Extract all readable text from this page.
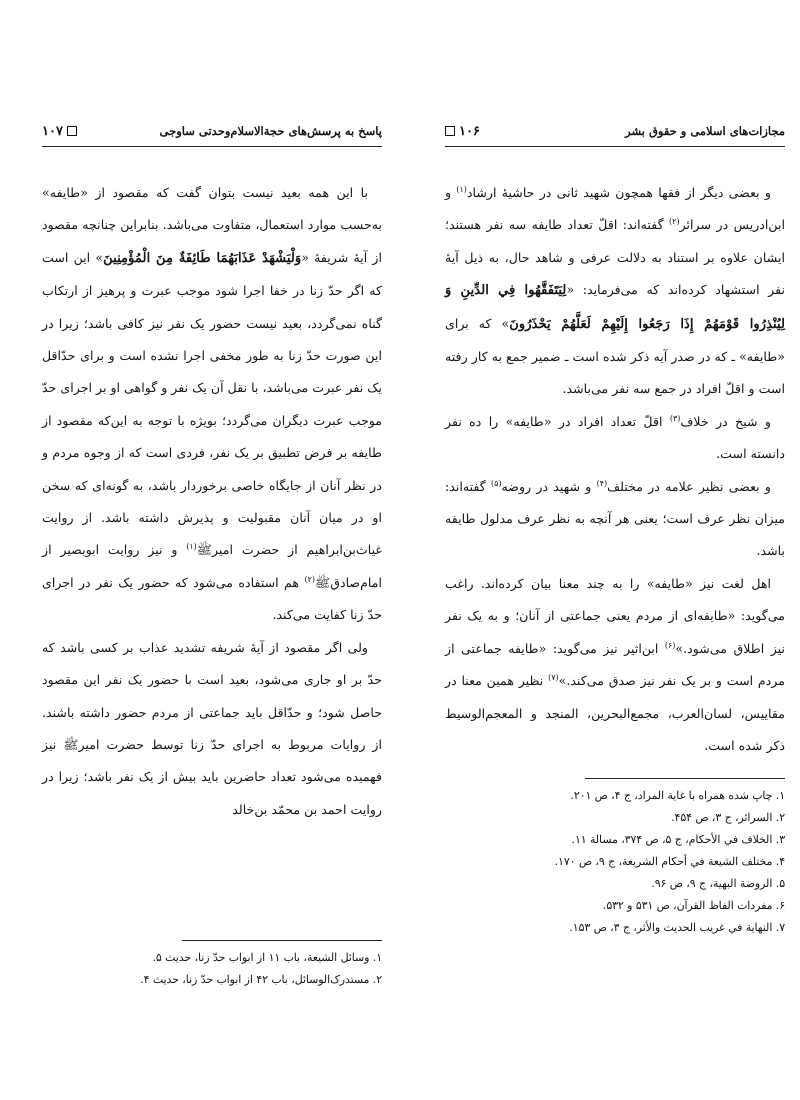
مجازات‌های اسلامی و حقوق بشر
۱۰۶

و بعضی دیگر از فقها همچون شهید ثانی در حاشیهٔ ارشاد$^{(۱)}$ و ابن‌ادریس در سرائر$^{(۲)}$ گفته‌اند: اقلّ تعداد طایفه سه نفر هستند؛ ایشان علاوه بر استناد به دلالت عرفی و شاهد حال، به ذیل آیهٔ نفر استشهاد کرده‌اند که می‌فرماید: «لِيَتَفَقَّهُوا فِي الدِّينِ وَ لِيُنْذِرُوا قَوْمَهُمْ إِذَا رَجَعُوا إِلَيْهِمْ لَعَلَّهُمْ يَحْذَرُونَ» که برای «طایفه» ـ که در صدر آیه ذکر شده است ـ ضمیر جمع به کار رفته است و اقلّ افراد در جمع سه نفر می‌باشد.

و شیخ در خلاف$^{(۳)}$ اقلّ تعداد افراد در «طایفه» را ده نفر دانسته است.

و بعضی نظیر علامه در مختلف$^{(۴)}$ و شهید در روضه$^{(۵)}$ گفته‌اند: میزان نظر عرف است؛ یعنی هر آنچه به نظر عرف مدلول طایفه باشد.

اهل لغت نیز «طایفه» را به چند معنا بیان کرده‌اند. راغب می‌گوید: «طایفه‌ای از مردم یعنی جماعتی از آنان؛ و به یک نفر نیز اطلاق می‌شود.»$^{(۶)}$ ابن‌اثیر نیز می‌گوید: «طایفه جماعتی از مردم است و بر یک نفر نیز صدق می‌کند.»$^{(۷)}$ نظیر همین معنا در مقاییس، لسان‌العرب، مجمع‌البحرین، المنجد و المعجم‌الوسیط ذکر شده است.

۱. چاپ شده همراه با غاية المراد، ج ۴، ص ۲۰۱.
۲. السرائر، ج ۳، ص ۴۵۴.
۳. الخلاف في الأحكام، ج ۵، ص ۳۷۴، مسالة ۱۱.
۴. مختلف الشيعة في أحكام الشريعة، ج ۹، ص ۱۷۰.
۵. الروضة البهية، ج ۹، ص ۹۶.
۶. مفردات الفاظ القرآن، ص ۵۳۱ و ۵۳۲.
۷. النهاية في غريب الحديث والأثر، ج ۳، ص ۱۵۳.
پاسخ به پرسش‌های حجةالاسلام‌وحدتی ساوجی
۱۰۷

با این همه بعید نیست بتوان گفت که مقصود از «طایفه» به‌حسب موارد استعمال، متفاوت می‌باشد. بنابراین چنانچه مقصود از آیهٔ شریفهٔ «وَلْيَشْهَدْ عَذَابَهُمَا طَائِفَةٌ مِنَ الْمُؤْمِنِينَ» این است که اگر حدّ زنا در خفا اجرا شود موجب عبرت و پرهیز از ارتکاب گناه نمی‌گردد، بعید نیست حضور یک نفر نیز کافی باشد؛ زیرا در این صورت حدّ زنا به طور مخفی اجرا نشده است و برای حدّاقل یک نفر عبرت می‌باشد، با نقل آن یک نفر و گواهی او بر اجرای حدّ موجب عبرت دیگران می‌گردد؛ بویژه با توجه به این‌که مقصود از طایفه بر فرض تطبیق بر یک نفر، فردی است که از وجوه مردم و در نظر آنان از جایگاه خاصی برخوردار باشد، به گونه‌ای که سخن او در میان آنان مقبولیت و پذیرش داشته باشد. از روایت غیاث‌بن‌ابراهیم از حضرت امیرﷺ$^{(۱)}$ و نیز روایت ابوبصیر از امام‌صادقﷺ$^{(۲)}$ هم استفاده می‌شود که حضور یک نفر در اجرای حدّ زنا کفایت می‌کند.

ولی اگر مقصود از آیهٔ شریفه تشدید عذاب بر کسی باشد که حدّ بر او جاری می‌شود، بعید است با حضور یک نفر این مقصود حاصل شود؛ و حدّاقل باید جماعتی از مردم حضور داشته باشند. از روایات مربوط به اجرای حدّ زنا توسط حضرت امیرﷺ نیز فهمیده می‌شود تعداد حاضرین باید بیش از یک نفر باشد؛ زیرا در روایت احمد بن محمّد بن‌خالد

۱. وسائل الشیعة، باب ۱۱ از ابواب حدّ زنا، حدیث ۵.
۲. مستدرک‌الوسائل، باب ۴۲ از ابواب حدّ زنا، حدیث ۴.
